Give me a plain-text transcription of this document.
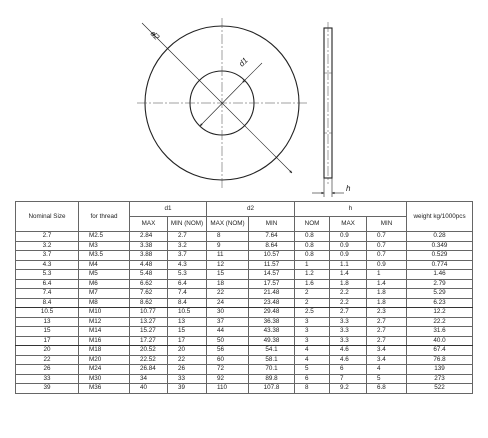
d2
d1
h
Nominal Size	for thread	d1		d2		h			weight kg/1000pcs
		MAX	MIN (NOM)	MAX (NOM)	MIN	NOM	MAX	MIN	
2.7	M2.5	2.84	2.7	8	7.64	0.8	0.9	0.7	0.28
3.2	M3	3.38	3.2	9	8.64	0.8	0.9	0.7	0.349
3.7	M3.5	3.88	3.7	11	10.57	0.8	0.9	0.7	0.529
4.3	M4	4.48	4.3	12	11.57	1	1.1	0.9	0.774
5.3	M5	5.48	5.3	15	14.57	1.2	1.4	1	1.46
6.4	M6	6.62	6.4	18	17.57	1.6	1.8	1.4	2.79
7.4	M7	7.62	7.4	22	21.48	2	2.2	1.8	5.29
8.4	M8	8.62	8.4	24	23.48	2	2.2	1.8	6.23
10.5	M10	10.77	10.5	30	29.48	2.5	2.7	2.3	12.2
13	M12	13.27	13	37	36.38	3	3.3	2.7	22.2
15	M14	15.27	15	44	43.38	3	3.3	2.7	31.6
17	M16	17.27	17	50	49.38	3	3.3	2.7	40.0
20	M18	20.52	20	56	54.1	4	4.6	3.4	67.4
22	M20	22.52	22	60	58.1	4	4.6	3.4	76.8
26	M24	26.84	26	72	70.1	5	6	4	139
33	M30	34	33	92	89.8	6	7	5	273
39	M36	40	39	110	107.8	8	9.2	6.8	522
